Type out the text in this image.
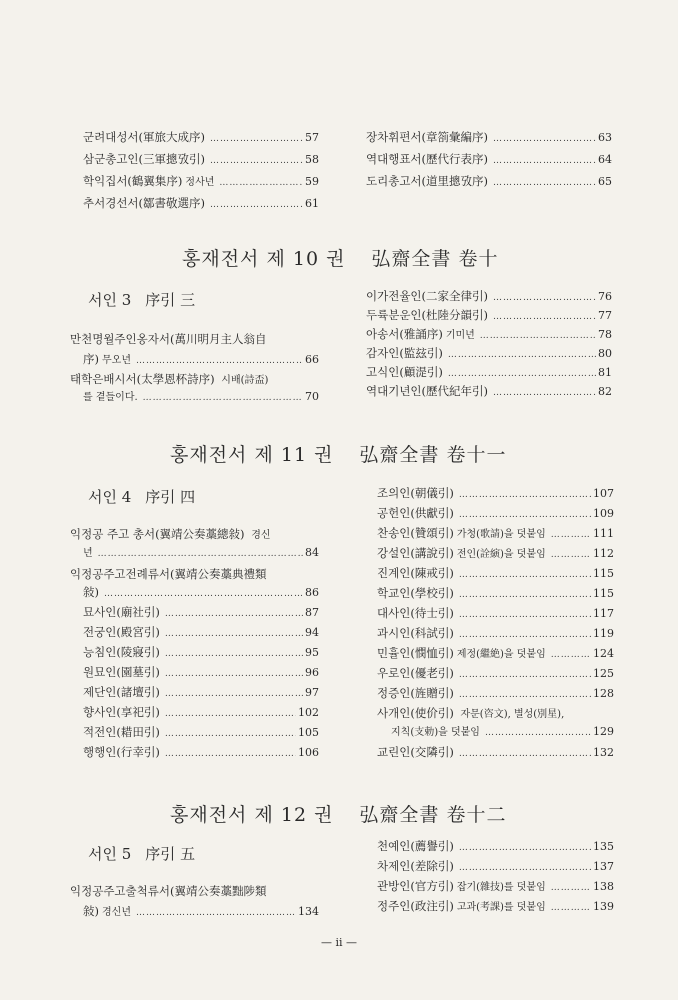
군려대성서(軍旅大成序) …………………………………………………………………………………………………………………………	57
삼군총고인(三軍摠攷引) …………………………………………………………………………………………………………………………	58
학익집서(鶴翼集序) 정사년 …………………………………………………………………………………………………………………………	59
추서경선서(鄒書敬選序) …………………………………………………………………………………………………………………………	61
장차휘편서(章箚彙編序) …………………………………………………………………………………………………………………………	63
역대행표서(歷代行表序) …………………………………………………………………………………………………………………………	64
도리총고서(道里摠攷序) …………………………………………………………………………………………………………………………	65
홍재전서 제 10 권 弘齋全書 卷十
서인 3 序引 三
만천명월주인옹자서(萬川明月主人翁自
序) 무오년 …………………………………………………………………………………………………………………………	66
태학은배시서(太學恩杯詩序) 시배(詩盃)
를 곁들이다. …………………………………………………………………………………………………………………………	70
이가전율인(二家全律引) …………………………………………………………………………………………………………………………	76
두륙분운인(杜陸分韻引) …………………………………………………………………………………………………………………………	77
아송서(雅誦序) 기미년 …………………………………………………………………………………………………………………………	78
감자인(監玆引) …………………………………………………………………………………………………………………………	80
고식인(顧湜引) …………………………………………………………………………………………………………………………	81
역대기년인(歷代紀年引) …………………………………………………………………………………………………………………………	82
홍재전서 제 11 권 弘齋全書 卷十一
서인 4 序引 四
익정공 주고 총서(翼靖公奏藁總敍) 경신
년 …………………………………………………………………………………………………………………………	84
익정공주고전례류서(翼靖公奏藁典禮類
敍) …………………………………………………………………………………………………………………………	86
묘사인(廟社引) …………………………………………………………………………………………………………………………	87
전궁인(殿宮引) …………………………………………………………………………………………………………………………	94
능침인(陵寢引) …………………………………………………………………………………………………………………………	95
원묘인(園墓引) …………………………………………………………………………………………………………………………	96
제단인(諸壇引) …………………………………………………………………………………………………………………………	97
향사인(享祀引) …………………………………………………………………………………………………………………………	102
적전인(耤田引) …………………………………………………………………………………………………………………………	105
행행인(行幸引) …………………………………………………………………………………………………………………………	106
조의인(朝儀引) …………………………………………………………………………………………………………………………	107
공헌인(供獻引) …………………………………………………………………………………………………………………………	109
찬송인(贊頌引) 가청(歌請)을 덧붙임 …………………………………………………………………………………………………………………………	111
강설인(講說引) 전인(詮縯)을 덧붙임 …………………………………………………………………………………………………………………………	112
진계인(陳戒引) …………………………………………………………………………………………………………………………	115
학교인(學校引) …………………………………………………………………………………………………………………………	115
대사인(待士引) …………………………………………………………………………………………………………………………	117
과시인(科試引) …………………………………………………………………………………………………………………………	119
민휼인(憫恤引) 제정(繼絶)을 덧붙임 …………………………………………………………………………………………………………………………	124
우로인(優老引) …………………………………………………………………………………………………………………………	125
정증인(旌贈引) …………………………………………………………………………………………………………………………	128
사개인(使价引) 자문(咨文), 별성(別星),
지칙(支勅)을 덧붙임 …………………………………………………………………………………………………………………………	129
교린인(交隣引) …………………………………………………………………………………………………………………………	132
홍재전서 제 12 권 弘齋全書 卷十二
서인 5 序引 五
익정공주고출척류서(翼靖公奏藁黜陟類
敍) 경신년 …………………………………………………………………………………………………………………………	134
천예인(薦譽引) …………………………………………………………………………………………………………………………	135
차제인(差除引) …………………………………………………………………………………………………………………………	137
관방인(官方引) 잡기(雜技)를 덧붙임 …………………………………………………………………………………………………………………………	138
정주인(政注引) 고과(考課)를 덧붙임 …………………………………………………………………………………………………………………………	139
— ii —
